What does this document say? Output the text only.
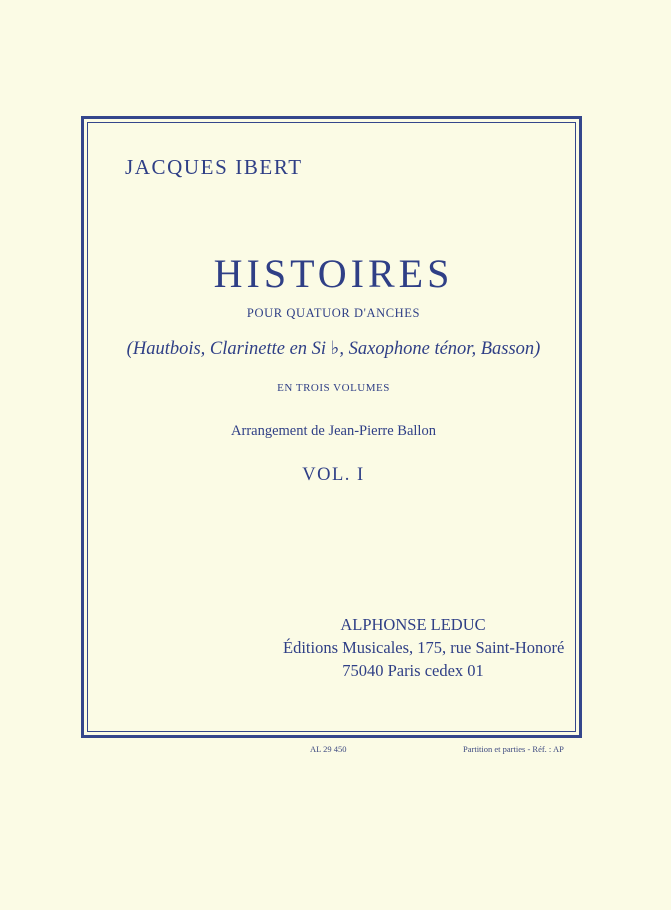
JACQUES IBERT

HISTOIRES

POUR QUATUOR D'ANCHES

(Hautbois, Clarinette en Si ♭, Saxophone ténor, Basson)

EN TROIS VOLUMES

Arrangement de Jean-Pierre Ballon

VOL. I

ALPHONSE LEDUC

Éditions Musicales, 175, rue Saint-Honoré

75040 Paris cedex 01

AL 29 450	Partition et parties - Réf. : AP
